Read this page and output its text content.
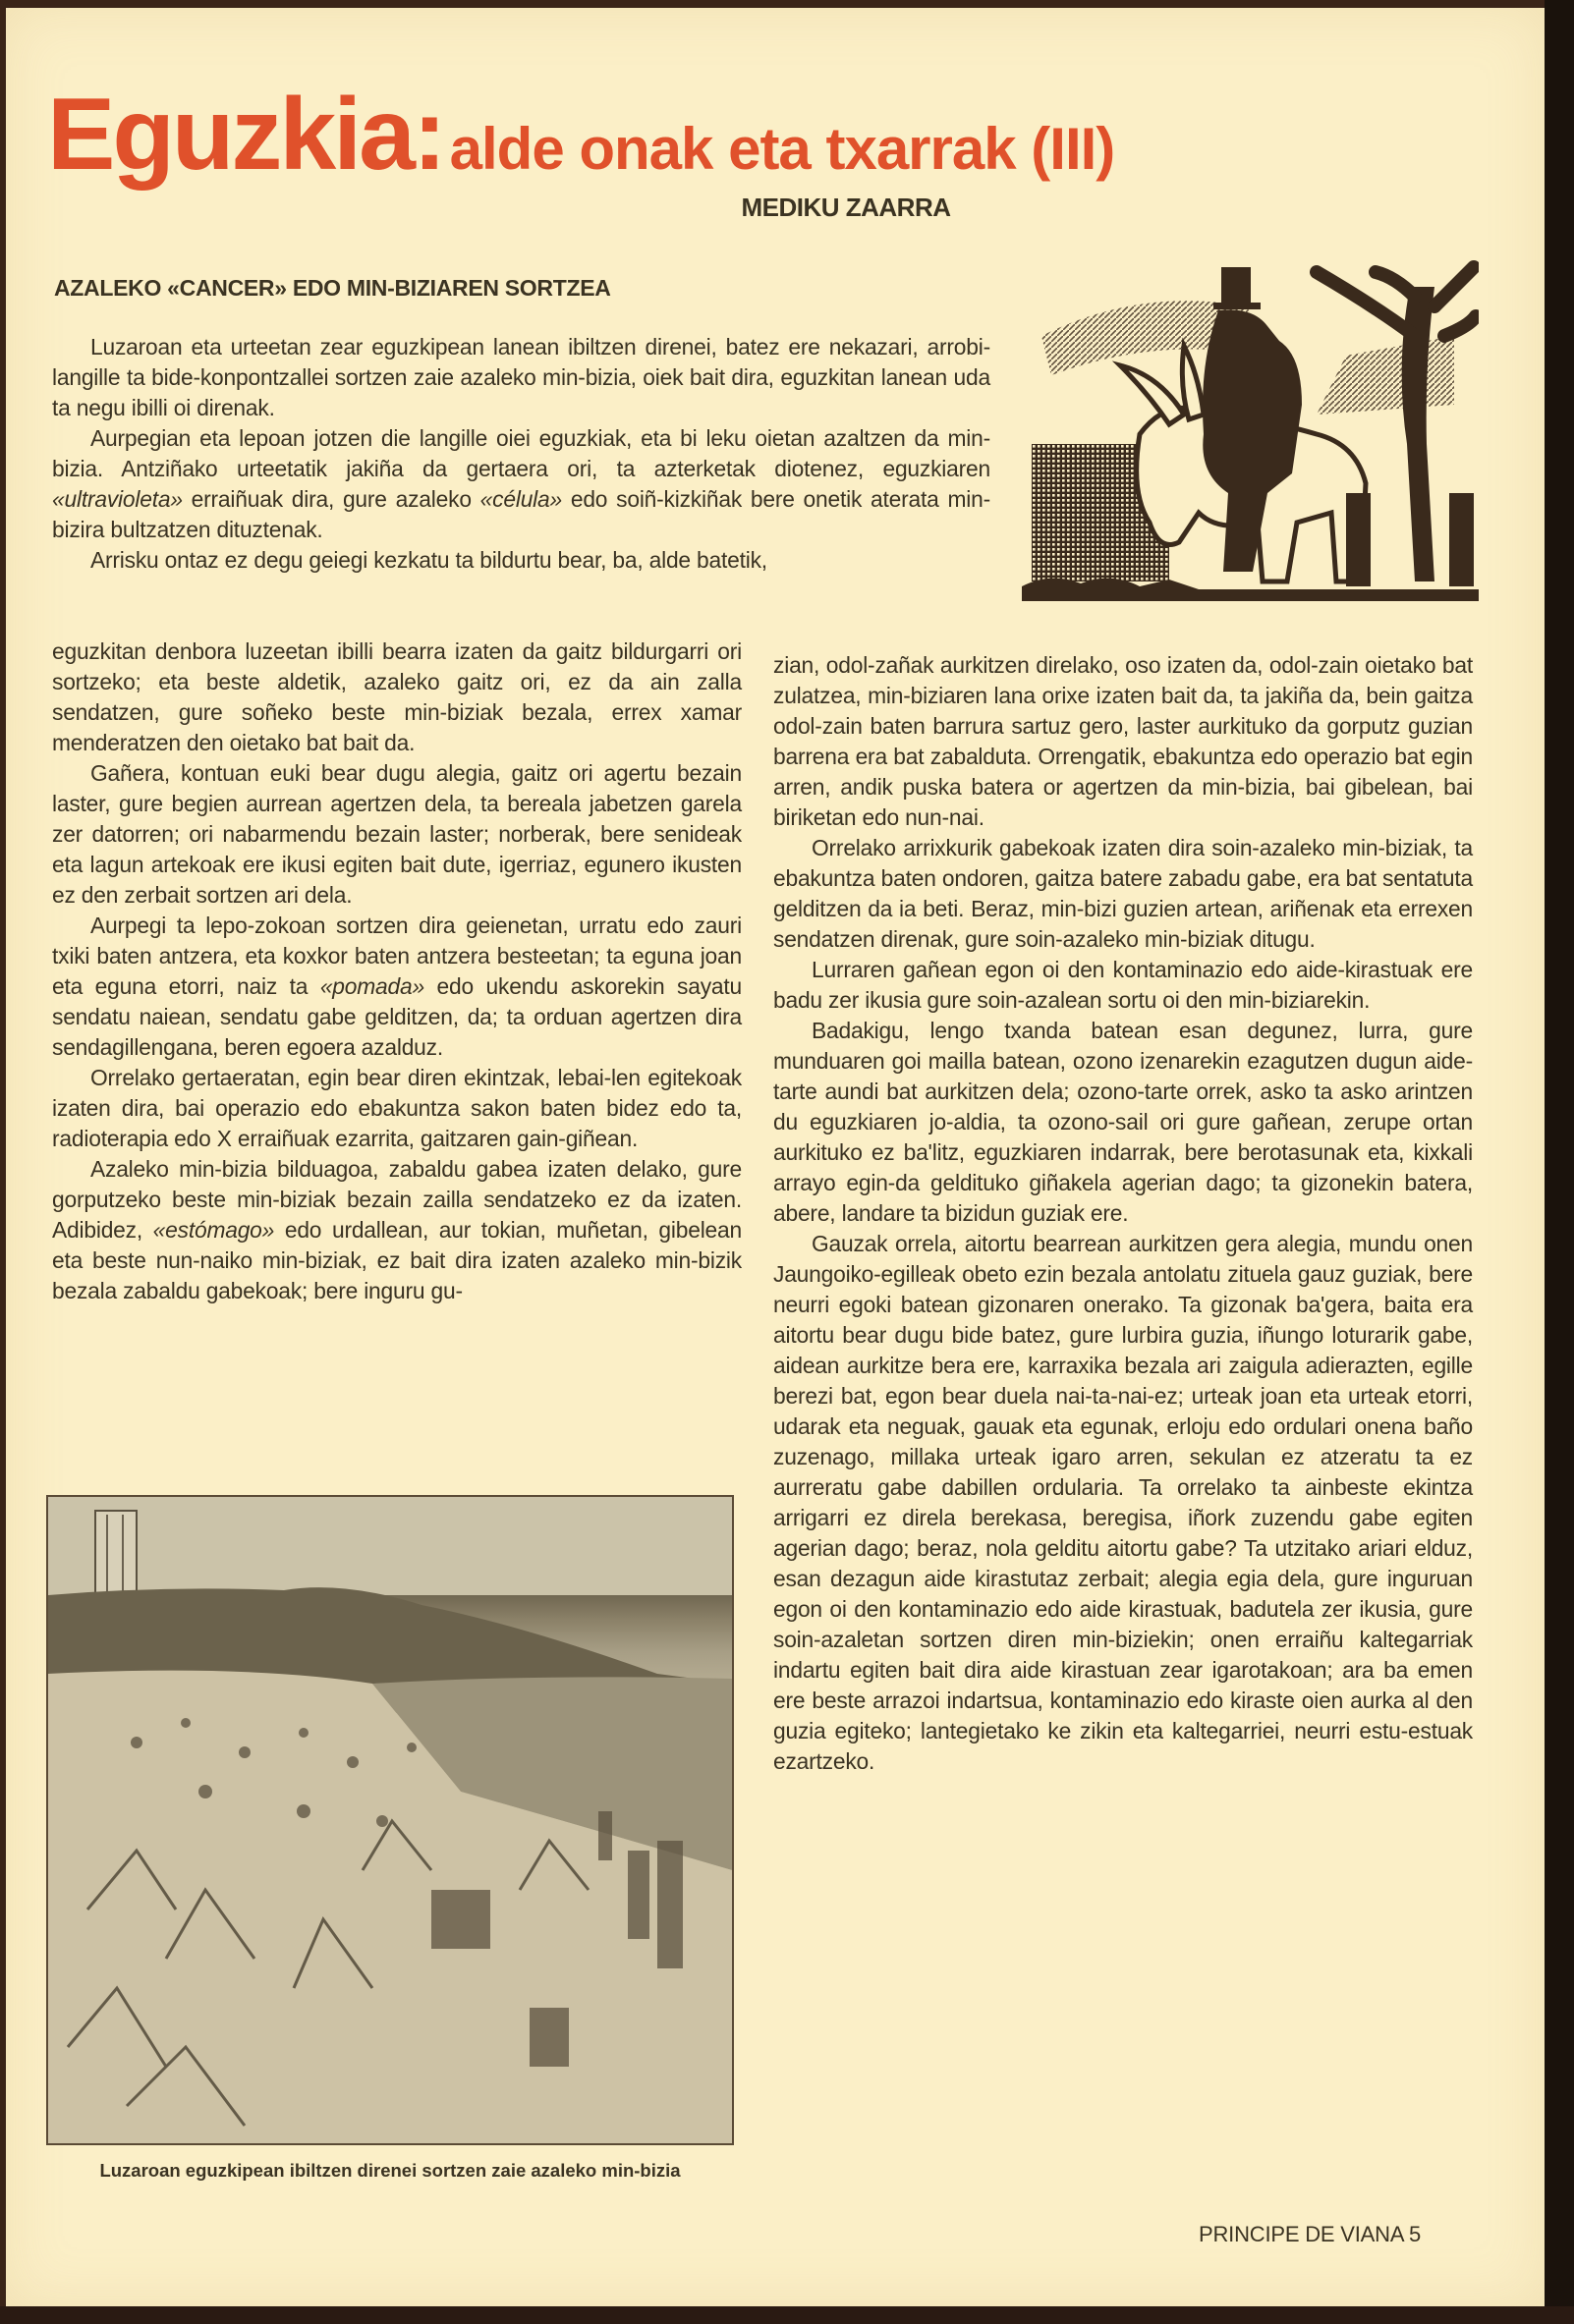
Eguzkia: alde onak eta txarrak (III)
MEDIKU ZAARRA
AZALEKO «CANCER» EDO MIN-BIZIAREN SORTZEA

Luzaroan eta urteetan zear eguzkipean lanean ibiltzen direnei, batez ere nekazari, arrobi-langille ta bide-konpontzallei sortzen zaie azaleko min-bizia, oiek bait dira, eguzkitan lanean uda ta negu ibilli oi direnak.

Aurpegian eta lepoan jotzen die langille oiei eguzkiak, eta bi leku oietan azaltzen da min-bizia. Antziñako urteetatik jakiña da gertaera ori, ta azterketak diotenez, eguzkiaren «ultravioleta» erraiñuak dira, gure azaleko «célula» edo soiñ-kizkiñak bere onetik aterata min-bizira bultzatzen dituztenak.

Arrisku ontaz ez degu geiegi kezkatu ta bildurtu bear, ba, alde batetik,

eguzkitan denbora luzeetan ibilli bearra izaten da gaitz bildurgarri ori sortzeko; eta beste aldetik, azaleko gaitz ori, ez da ain zalla sendatzen, gure soñeko beste min-biziak bezala, errex xamar menderatzen den oietako bat bait da.

Gañera, kontuan euki bear dugu alegia, gaitz ori agertu bezain laster, gure begien aurrean agertzen dela, ta bereala jabetzen garela zer datorren; ori nabarmendu bezain laster; norberak, bere senideak eta lagun artekoak ere ikusi egiten bait dute, igerriaz, egunero ikusten ez den zerbait sortzen ari dela.

Aurpegi ta lepo-zokoan sortzen dira geienetan, urratu edo zauri txiki baten antzera, eta koxkor baten antzera besteetan; ta eguna joan eta eguna etorri, naiz ta «pomada» edo ukendu askorekin sayatu sendatu naiean, sendatu gabe gelditzen, da; ta orduan agertzen dira sendagillengana, beren egoera azalduz.

Orrelako gertaeratan, egin bear diren ekintzak, lebai-len egitekoak izaten dira, bai operazio edo ebakuntza sakon baten bidez edo ta, radioterapia edo X erraiñuak ezarrita, gaitzaren gain-giñean.

Azaleko min-bizia bilduagoa, zabaldu gabea izaten delako, gure gorputzeko beste min-biziak bezain zailla sendatzeko ez da izaten. Adibidez, «estómago» edo urdallean, aur tokian, muñetan, gibelean eta beste nun-naiko min-biziak, ez bait dira izaten azaleko min-bizik bezala zabaldu gabekoak; bere inguru gu-

Luzaroan eguzkipean ibiltzen direnei sortzen zaie azaleko min-bizia

zian, odol-zañak aurkitzen direlako, oso izaten da, odol-zain oietako bat zulatzea, min-biziaren lana orixe izaten bait da, ta jakiña da, bein gaitza odol-zain baten barrura sartuz gero, laster aurkituko da gorputz guzian barrena era bat zabalduta. Orrengatik, ebakuntza edo operazio bat egin arren, andik puska batera or agertzen da min-bizia, bai gibelean, bai biriketan edo nun-nai.

Orrelako arrixkurik gabekoak izaten dira soin-azaleko min-biziak, ta ebakuntza baten ondoren, gaitza batere zabadu gabe, era bat sentatuta gelditzen da ia beti. Beraz, min-bizi guzien artean, ariñenak eta errexen sendatzen direnak, gure soin-azaleko min-biziak ditugu.

Lurraren gañean egon oi den kontaminazio edo aide-kirastuak ere badu zer ikusia gure soin-azalean sortu oi den min-biziarekin.

Badakigu, lengo txanda batean esan degunez, lurra, gure munduaren goi mailla batean, ozono izenarekin ezagutzen dugun aide-tarte aundi bat aurkitzen dela; ozono-tarte orrek, asko ta asko arintzen du eguzkiaren jo-aldia, ta ozono-sail ori gure gañean, zerupe ortan aurkituko ez ba'litz, eguzkiaren indarrak, bere berotasunak eta, kixkali arrayo egin-da geldituko giñakela agerian dago; ta gizonekin batera, abere, landare ta bizidun guziak ere.

Gauzak orrela, aitortu bearrean aurkitzen gera alegia, mundu onen Jaungoiko-egilleak obeto ezin bezala antolatu zituela gauz guziak, bere neurri egoki batean gizonaren onerako. Ta gizonak ba'gera, baita era aitortu bear dugu bide batez, gure lurbira guzia, iñungo loturarik gabe, aidean aurkitze bera ere, karraxika bezala ari zaigula adierazten, egille berezi bat, egon bear duela nai-ta-nai-ez; urteak joan eta urteak etorri, udarak eta neguak, gauak eta egunak, erloju edo ordulari onena baño zuzenago, millaka urteak igaro arren, sekulan ez atzeratu ta ez aurreratu gabe dabillen ordularia. Ta orrelako ta ainbeste ekintza arrigarri ez direla berekasa, beregisa, iñork zuzendu gabe egiten agerian dago; beraz, nola gelditu aitortu gabe? Ta utzitako ariari elduz, esan dezagun aide kirastutaz zerbait; alegia egia dela, gure inguruan egon oi den kontaminazio edo aide kirastuak, badutela zer ikusia, gure soin-azaletan sortzen diren min-biziekin; onen erraiñu kaltegarriak indartu egiten bait dira aide kirastuan zear igarotakoan; ara ba emen ere beste arrazoi indartsua, kontaminazio edo kiraste oien aurka al den guzia egiteko; lantegietako ke zikin eta kaltegarriei, neurri estu-estuak ezartzeko.

PRINCIPE DE VIANA 5
